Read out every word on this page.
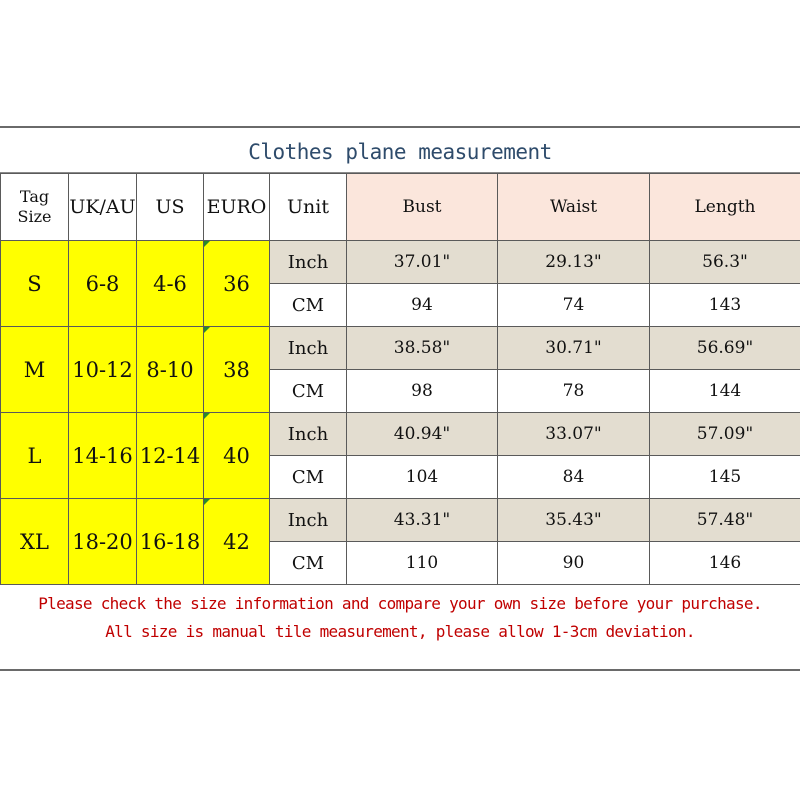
Clothes plane measurement
Tag Size	UK/AU	US	EURO	Unit	Bust	Waist	Length
S	6-8	4-6	36	Inch	37.01"	29.13"	56.3"
				CM	94	74	143
M	10-12	8-10	38	Inch	38.58"	30.71"	56.69"
				CM	98	78	144
L	14-16	12-14	40	Inch	40.94"	33.07"	57.09"
				CM	104	84	145
XL	18-20	16-18	42	Inch	43.31"	35.43"	57.48"
				CM	110	90	146
Please check the size information and compare your own size before your purchase.
All size is manual tile measurement, please allow 1-3cm deviation.
